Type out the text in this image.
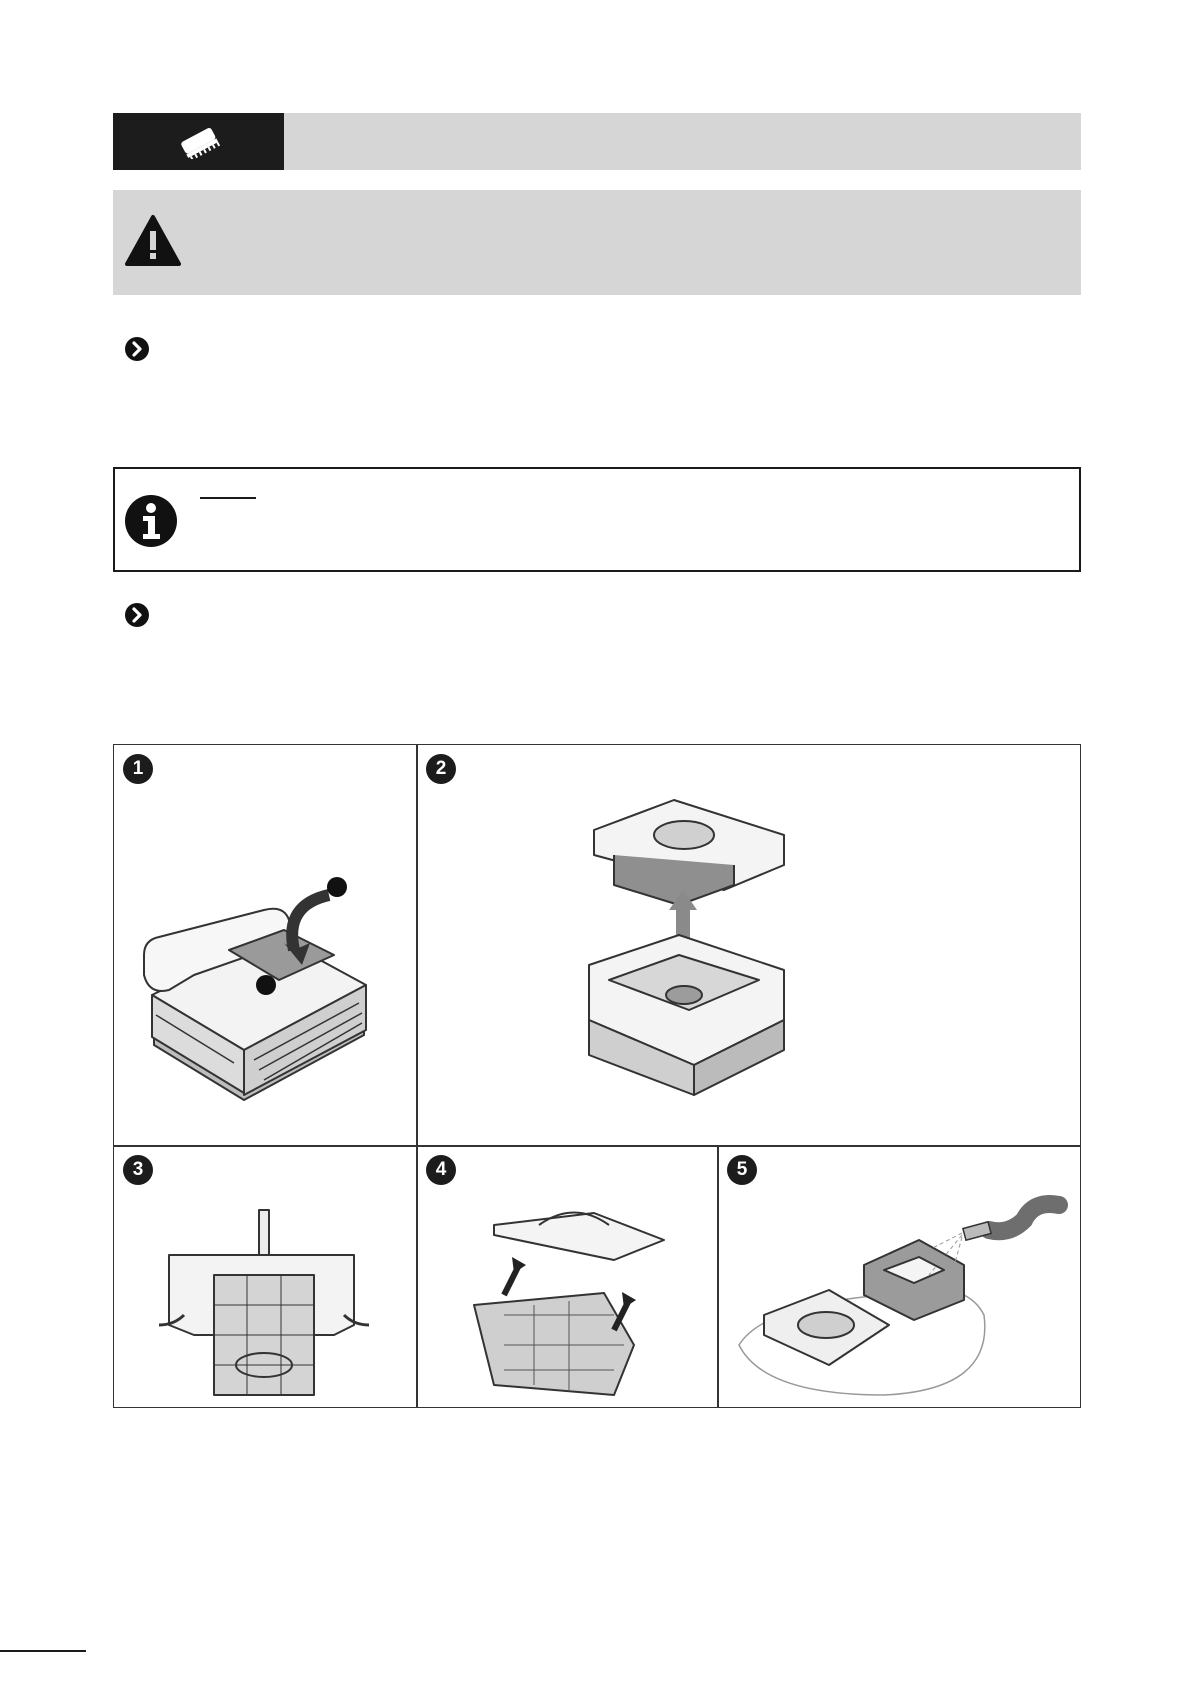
1	2
3	4	5
